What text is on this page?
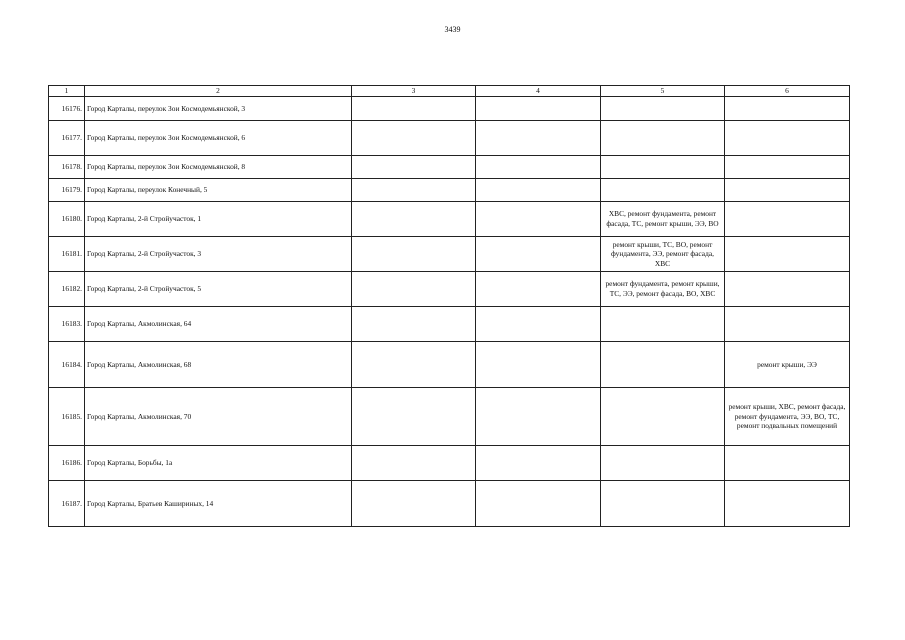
3439
1	2	3	4	5	6
16176.	Город Карталы, переулок Зои Космодемьянской, 3				
16177.	Город Карталы, переулок Зои Космодемьянской, 6				
16178.	Город Карталы, переулок Зои Космодемьянской, 8				
16179.	Город Карталы, переулок Конечный, 5				
16180.	Город Карталы, 2-й Стройучасток, 1			ХВС, ремонт фундамента, ремонт фасада, ТС, ремонт крыши, ЭЭ, ВО	
16181.	Город Карталы, 2-й Стройучасток, 3			ремонт крыши, ТС, ВО, ремонт фундамента, ЭЭ, ремонт фасада, ХВС	
16182.	Город Карталы, 2-й Стройучасток, 5			ремонт фундамента, ремонт крыши, ТС, ЭЭ, ремонт фасада, ВО, ХВС	
16183.	Город Карталы, Акмолинская, 64				
16184.	Город Карталы, Акмолинская, 68				ремонт крыши, ЭЭ
16185.	Город Карталы, Акмолинская, 70				ремонт крыши, ХВС, ремонт фасада, ремонт фундамента, ЭЭ, ВО, ТС, ремонт подвальных помещений
16186.	Город Карталы, Борьбы, 1а				
16187.	Город Карталы, Братьев Кашириных, 14				
